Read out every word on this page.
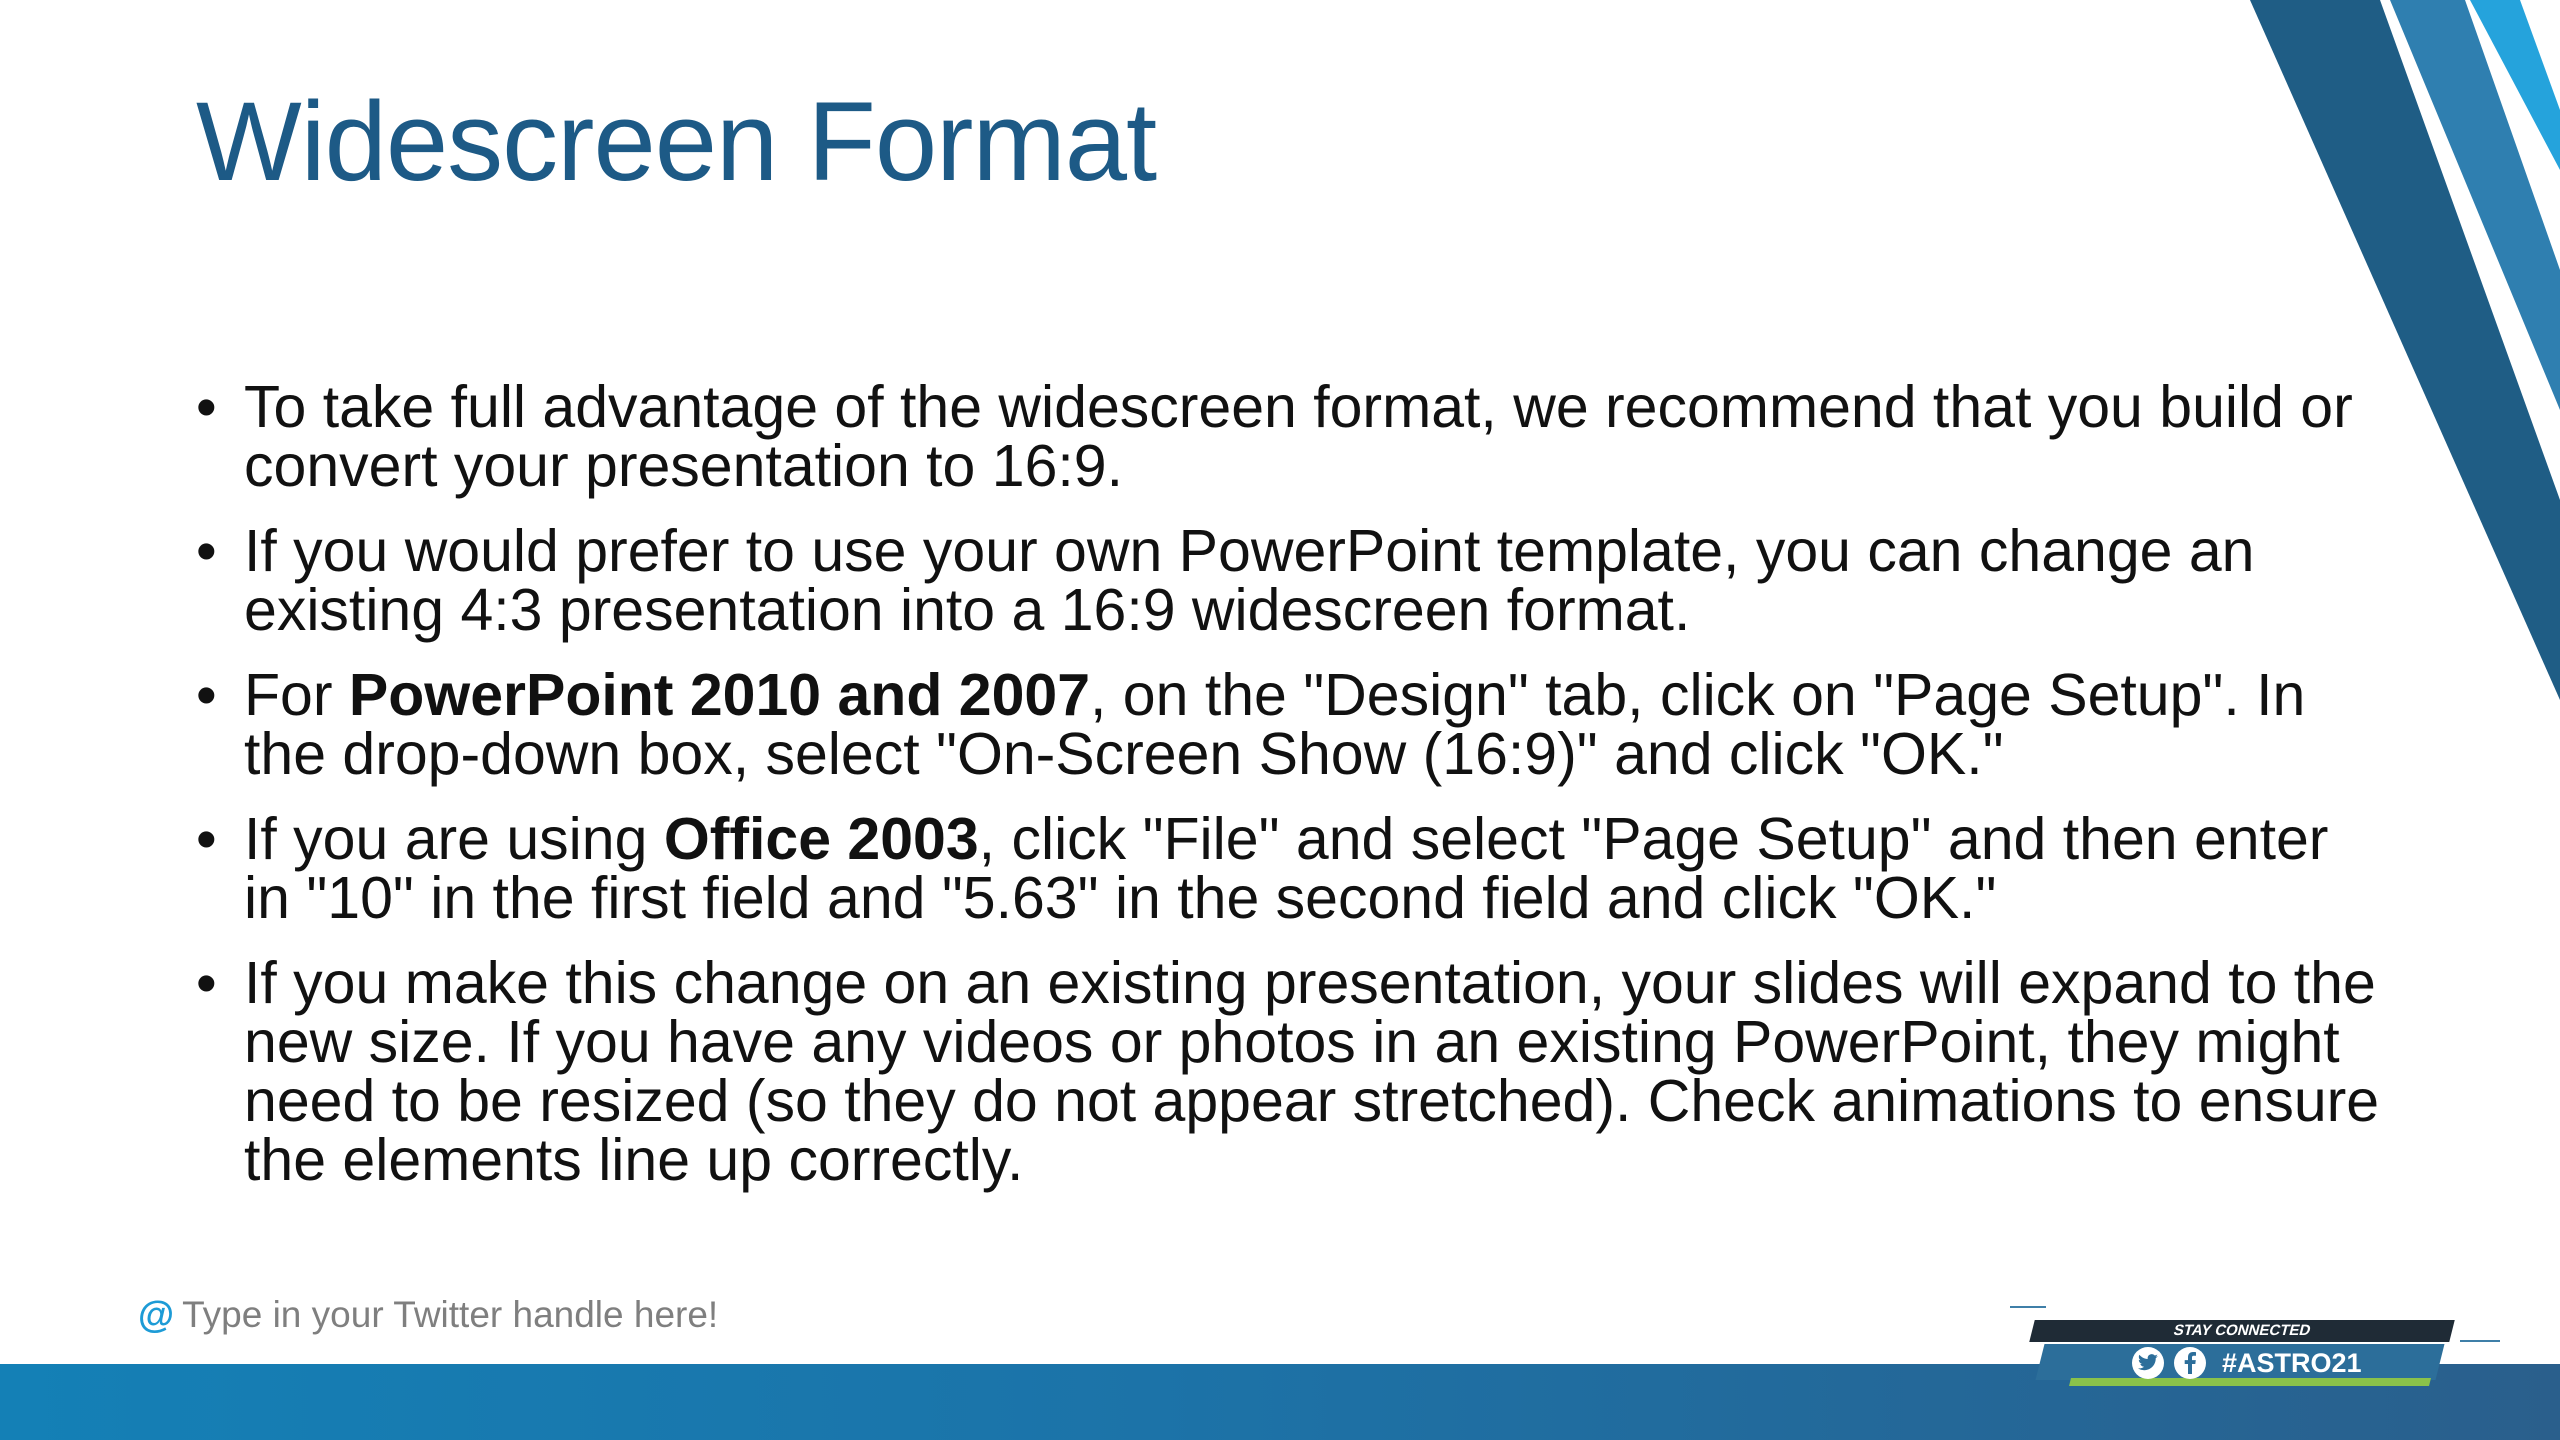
Widescreen Format
• To take full advantage of the widescreen format, we recommend that you build or convert your presentation to 16:9.
• If you would prefer to use your own PowerPoint template, you can change an existing 4:3 presentation into a 16:9 widescreen format.
• For PowerPoint 2010 and 2007, on the "Design" tab, click on "Page Setup". In the drop-down box, select "On-Screen Show (16:9)" and click "OK."
• If you are using Office 2003, click "File" and select "Page Setup" and then enter in "10" in the first field and "5.63" in the second field and click "OK."
• If you make this change on an existing presentation, your slides will expand to the new size. If you have any videos or photos in an existing PowerPoint, they might need to be resized (so they do not appear stretched). Check animations to ensure the elements line up correctly.
@ Type in your Twitter handle here!	STAY CONNECTED
#ASTRO21
